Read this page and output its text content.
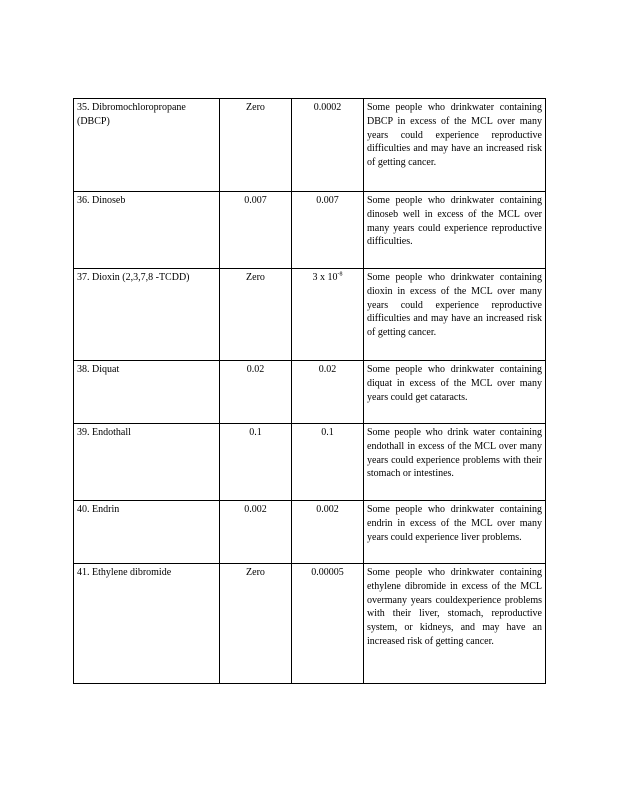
35. Dibromochloropropane (DBCP)	Zero	0.0002	Some people who drinkwater containing DBCP in excess of the MCL over many years could experience reproductive difficulties and may have an increased risk of getting cancer.
36. Dinoseb	0.007	0.007	Some people who drinkwater containing dinoseb well in excess of the MCL over many years could experience reproductive difficulties.
37. Dioxin (2,3,7,8 -TCDD)	Zero	3 x $10^{-8}$	Some people who drinkwater containing dioxin in excess of the MCL over many years could experience reproductive difficulties and may have an increased risk of getting cancer.
38. Diquat	0.02	0.02	Some people who drinkwater containing diquat in excess of the MCL over many years could get cataracts.
39. Endothall	0.1	0.1	Some people who drink water containing endothall in excess of the MCL over many years could experience problems with their stomach or intestines.
40. Endrin	0.002	0.002	Some people who drinkwater containing endrin in excess of the MCL over many years could experience liver problems.
41. Ethylene dibromide	Zero	0.00005	Some people who drinkwater containing ethylene dibromide in excess of the MCL overmany years couldexperience problems with their liver, stomach, reproductive system, or kidneys, and may have an increased risk of getting cancer.
